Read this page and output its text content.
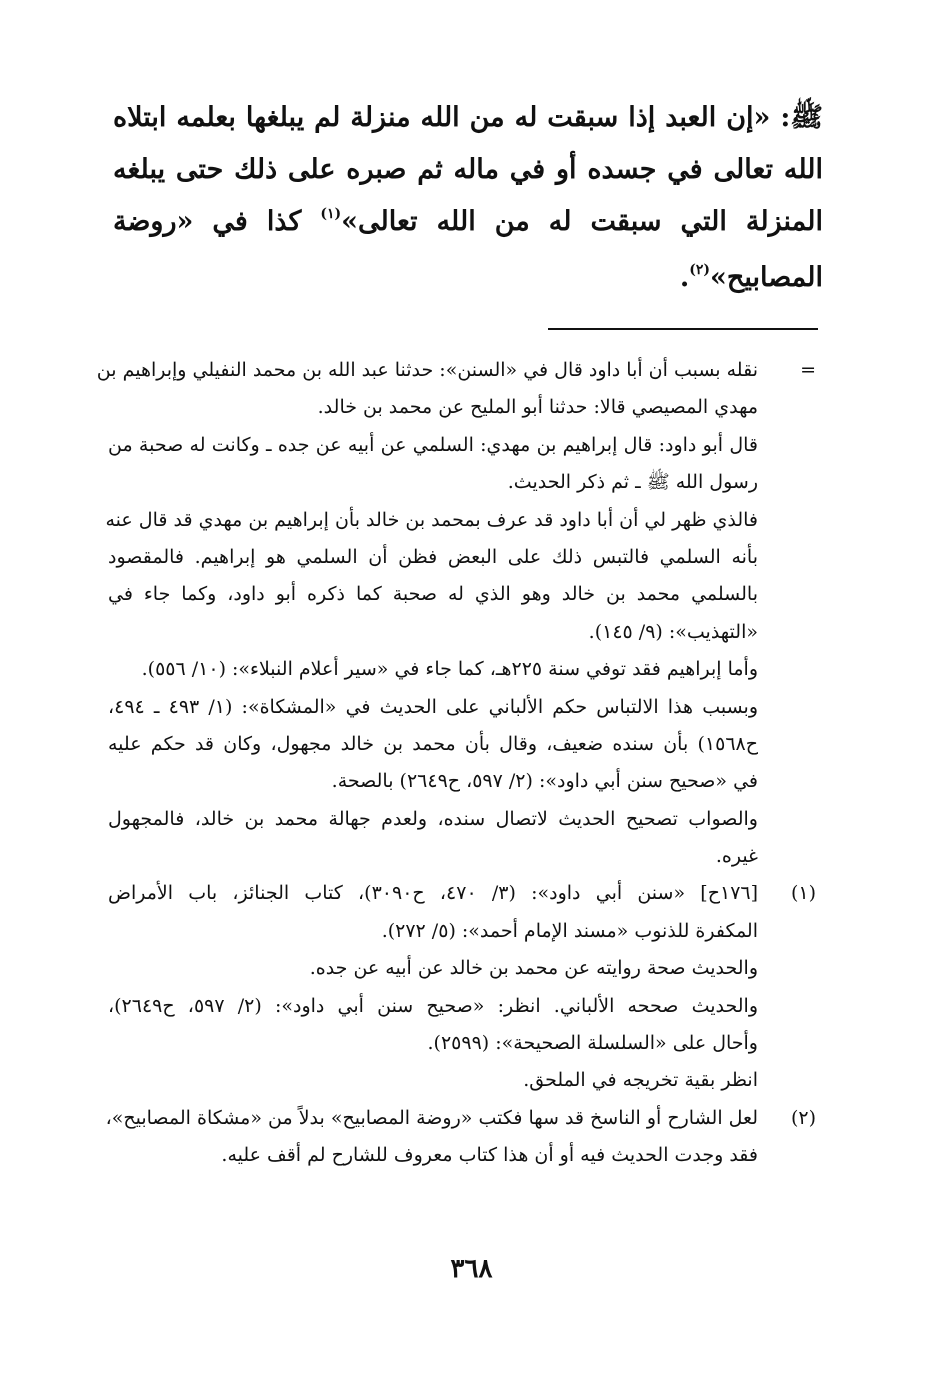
ﷺ: «إن العبد إذا سبقت له من الله منزلة لم يبلغها بعلمه ابتلاه الله تعالى في جسده أو في ماله ثم صبره على ذلك حتى يبلغه المنزلة التي سبقت له من الله تعالى»$^{(١)}$ كذا في «روضة المصابيح»$^{(٢)}$.

=
نقله بسبب أن أبا داود قال في «السنن»: حدثنا عبد الله بن محمد النفيلي وإبراهيم بن
مهدي المصيصي قالا: حدثنا أبو المليح عن محمد بن خالد.
قال أبو داود: قال إبراهيم بن مهدي: السلمي عن أبيه عن جده ـ وكانت له صحبة من
رسول الله ﷺ ـ ثم ذكر الحديث.
فالذي ظهر لي أن أبا داود قد عرف بمحمد بن خالد بأن إبراهيم بن مهدي قد قال عنه
بأنه السلمي فالتبس ذلك على البعض فظن أن السلمي هو إبراهيم. فالمقصود
بالسلمي محمد بن خالد وهو الذي له صحبة كما ذكره أبو داود، وكما جاء في
«التهذيب»: (٩/ ١٤٥).
وأما إبراهيم فقد توفي سنة ٢٢٥هـ، كما جاء في «سير أعلام النبلاء»: (١٠/ ٥٥٦).
وبسبب هذا الالتباس حكم الألباني على الحديث في «المشكاة»: (١/ ٤٩٣ ـ ٤٩٤،
ح١٥٦٨) بأن سنده ضعيف، وقال بأن محمد بن خالد مجهول، وكان قد حكم عليه
في «صحيح سنن أبي داود»: (٢/ ٥٩٧، ح٢٦٤٩) بالصحة.
والصواب تصحيح الحديث لاتصال سنده، ولعدم جهالة محمد بن خالد، فالمجهول
غيره.
(١)
[١٧٦ح] «سنن أبي داود»: (٣/ ٤٧٠، ح٣٠٩٠)، كتاب الجنائز، باب الأمراض
المكفرة للذنوب «مسند الإمام أحمد»: (٥/ ٢٧٢).
والحديث صحة روايته عن محمد بن خالد عن أبيه عن جده.
والحديث صححه الألباني. انظر: «صحيح سنن أبي داود»: (٢/ ٥٩٧، ح٢٦٤٩)،
وأحال على «السلسلة الصحيحة»: (٢٥٩٩).
انظر بقية تخريجه في الملحق.
(٢)
لعل الشارح أو الناسخ قد سها فكتب «روضة المصابيح» بدلاً من «مشكاة المصابيح»،
فقد وجدت الحديث فيه أو أن هذا كتاب معروف للشارح لم أقف عليه.
٣٦٨
